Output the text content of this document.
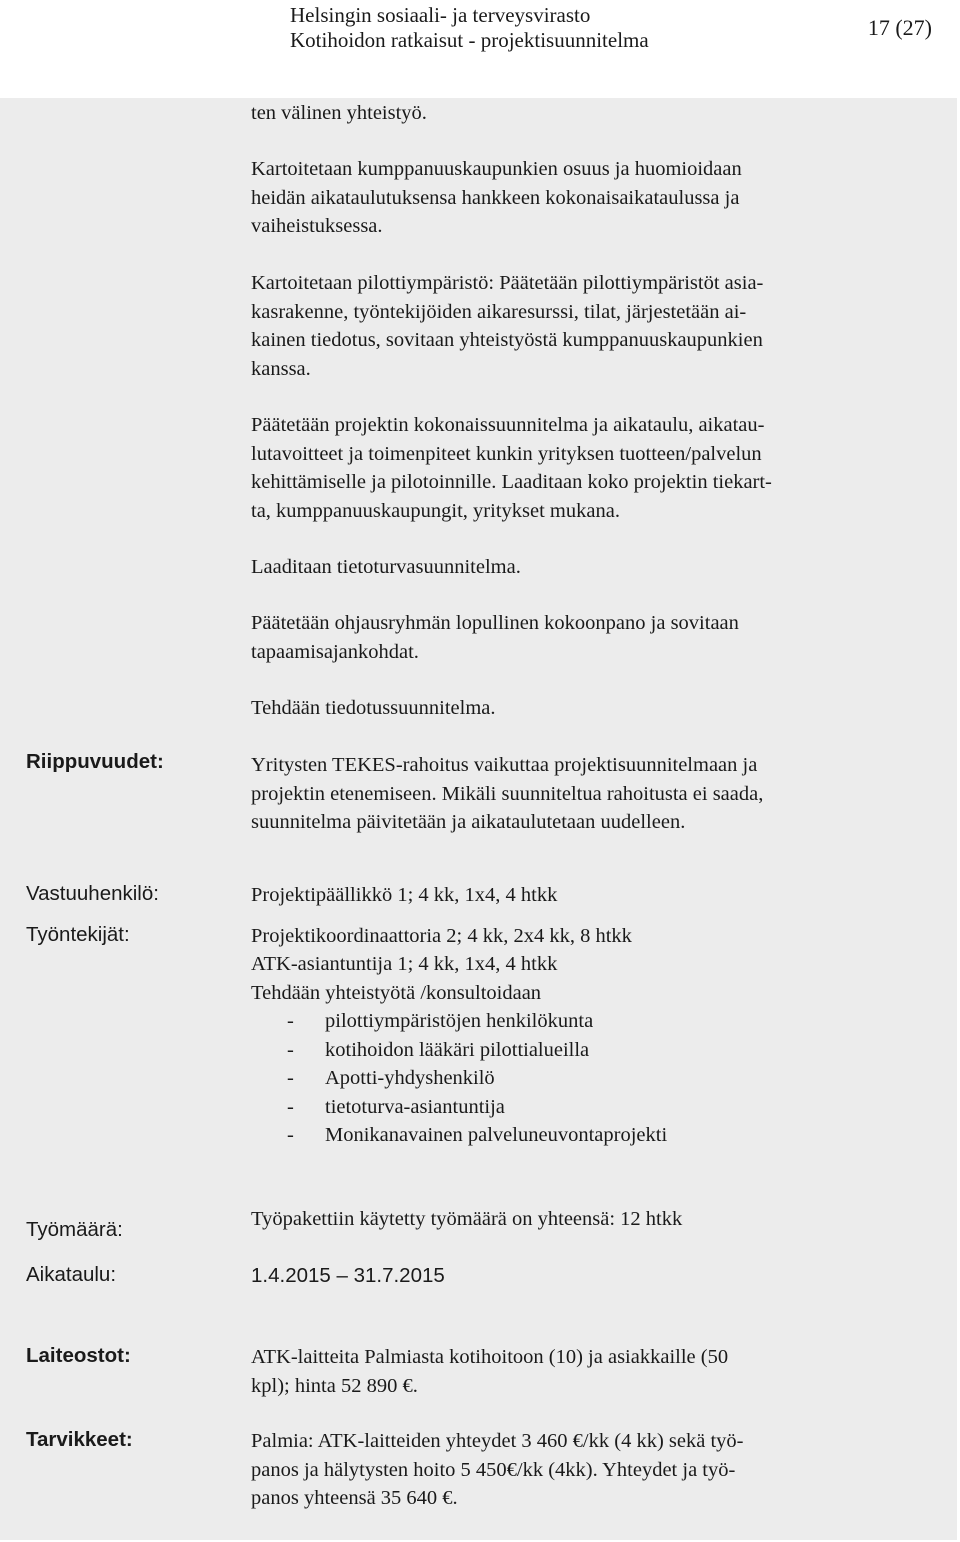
Helsingin sosiaali- ja terveysvirasto
Kotihoidon ratkaisut - projektisuunnitelma	17 (27)
ten välinen yhteistyö.
Kartoitetaan kumppanuuskaupunkien osuus ja huomioidaan
heidän aikataulutuksensa hankkeen kokonaisaikataulussa ja
vaiheistuksessa.
Kartoitetaan pilottiympäristö: Päätetään pilottiympäristöt asia-
kasrakenne, työntekijöiden aikaresurssi, tilat, järjestetään ai-
kainen tiedotus, sovitaan yhteistyöstä kumppanuuskaupunkien
kanssa.
Päätetään projektin kokonaissuunnitelma ja aikataulu, aikatau-
lutavoitteet ja toimenpiteet kunkin yrityksen tuotteen/palvelun
kehittämiselle ja pilotoinnille. Laaditaan koko projektin tiekart-
ta, kumppanuuskaupungit, yritykset mukana.
Laaditaan tietoturvasuunnitelma.
Päätetään ohjausryhmän lopullinen kokoonpano ja sovitaan
tapaamisajankohdat.
Tehdään tiedotussuunnitelma.
Riippuvuudet:	Yritysten TEKES-rahoitus vaikuttaa projektisuunnitelmaan ja
projektin etenemiseen. Mikäli suunniteltua rahoitusta ei saada,
suunnitelma päivitetään ja aikataulutetaan uudelleen.
Vastuuhenkilö:	Projektipäällikkö 1; 4 kk, 1x4, 4 htkk
Työntekijät:	Projektikoordinaattoria 2; 4 kk, 2x4 kk, 8 htkk
ATK-asiantuntija 1; 4 kk, 1x4, 4 htkk
Tehdään yhteistyötä /konsultoidaan
- pilottiympäristöjen henkilökunta
- kotihoidon lääkäri pilottialueilla
- Apotti-yhdyshenkilö
- tietoturva-asiantuntija
- Monikanavainen palveluneuvontaprojekti
Työmäärä:	Työpakettiin käytetty työmäärä on yhteensä: 12 htkk
Aikataulu:	1.4.2015 – 31.7.2015
Laiteostot:	ATK-laitteita Palmiasta kotihoitoon (10) ja asiakkaille (50
kpl); hinta 52 890 €.
Tarvikkeet:	Palmia: ATK-laitteiden yhteydet 3 460 €/kk (4 kk) sekä työ-
panos ja hälytysten hoito 5 450€/kk (4kk). Yhteydet ja työ-
panos yhteensä 35 640 €.
